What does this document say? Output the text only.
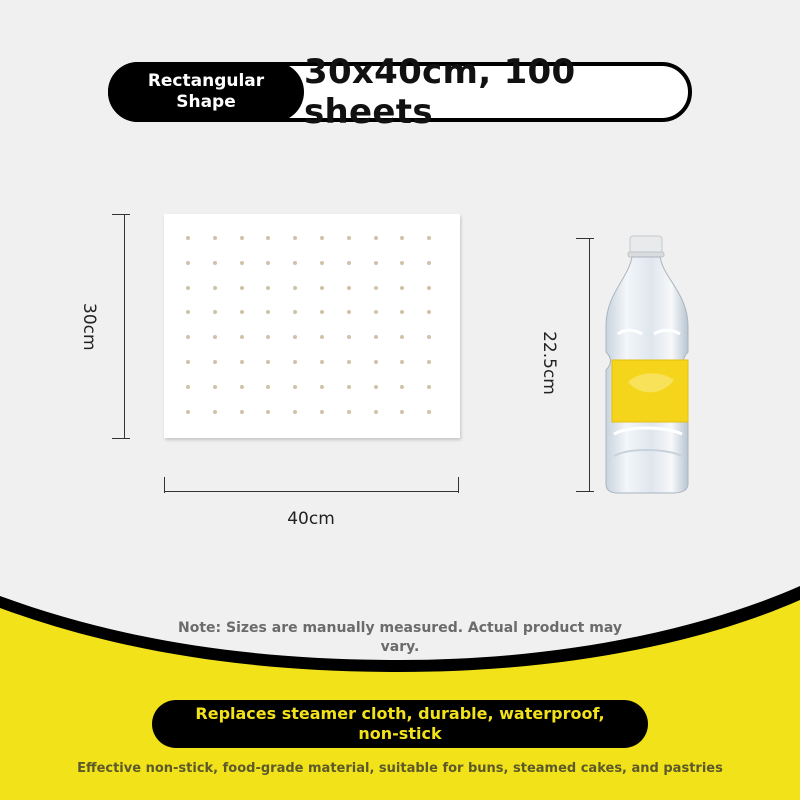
Rectangular Shape
30x40cm, 100 sheets
30cm
40cm
22.5cm
Note: Sizes are manually measured. Actual product may vary.
Replaces steamer cloth, durable, waterproof, non-stick
Effective non-stick, food-grade material, suitable for buns, steamed cakes, and pastries
